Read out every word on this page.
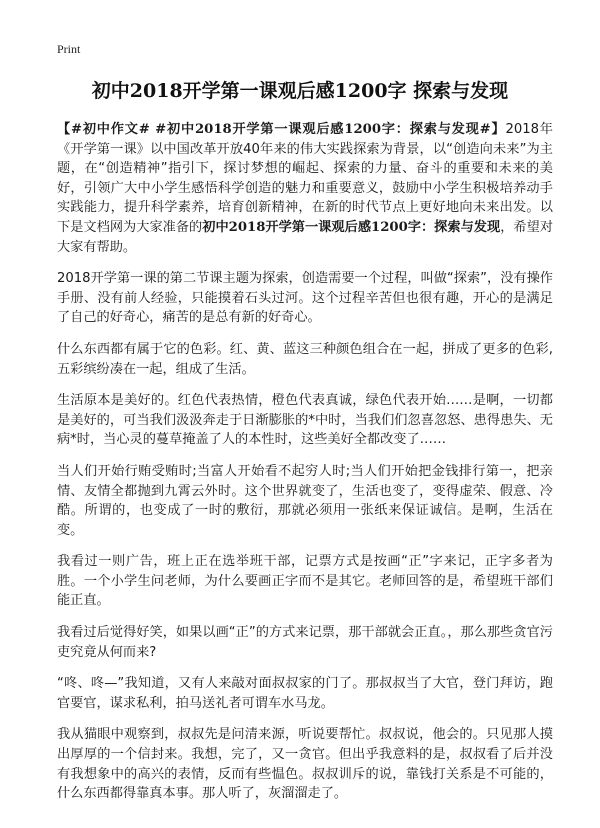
Print
初中2018开学第一课观后感1200字 探索与发现

【#初中作文# #初中2018开学第一课观后感1200字：探索与发现#】2018年《开学第一课》以中国改革开放40年来的伟大实践探索为背景，以“创造向未来”为主题，在“创造精神”指引下，探讨梦想的崛起、探索的力量、奋斗的重要和未来的美好，引领广大中小学生感悟科学创造的魅力和重要意义，鼓励中小学生积极培养动手实践能力，提升科学素养，培育创新精神，在新的时代节点上更好地向未来出发。以下是文档网为大家准备的初中2018开学第一课观后感1200字：探索与发现，希望对大家有帮助。

2018开学第一课的第二节课主题为探索，创造需要一个过程，叫做“探索”，没有操作手册、没有前人经验，只能摸着石头过河。这个过程辛苦但也很有趣，开心的是满足了自己的好奇心，痛苦的是总有新的好奇心。

什么东西都有属于它的色彩。红、黄、蓝这三种颜色组合在一起，拼成了更多的色彩,五彩缤纷凑在一起，组成了生活。

生活原本是美好的。红色代表热情，橙色代表真诚，绿色代表开始……是啊，一切都是美好的，可当我们汲汲奔走于日渐膨胀的*中时，当我们们忽喜忽怒、患得患失、无病*时，当心灵的蔓草掩盖了人的本性时，这些美好全都改变了……

当人们开始行贿受贿时;当富人开始看不起穷人时;当人们开始把金钱排行第一，把亲情、友情全都抛到九霄云外时。这个世界就变了，生活也变了，变得虚荣、假意、冷酷。所谓的，也变成了一时的敷衍，那就必须用一张纸来保证诚信。是啊，生活在变。

我看过一则广告，班上正在选举班干部，记票方式是按画“正”字来记，正字多者为胜。一个小学生问老师，为什么要画正字而不是其它。老师回答的是，希望班干部们能正直。

我看过后觉得好笑，如果以画“正”的方式来记票，那干部就会正直。，那么那些贪官污吏究竟从何而来?

“咚、咚—”我知道，又有人来敲对面叔叔家的门了。那叔叔当了大官，登门拜访，跑官要官，谋求私利，拍马送礼者可谓车水马龙。

我从猫眼中观察到，叔叔先是问清来源，听说要帮忙。叔叔说，他会的。只见那人摸出厚厚的一个信封来。我想，完了，又一贪官。但出乎我意料的是，叔叔看了后并没有我想象中的高兴的表情，反而有些愠色。叔叔训斥的说，靠钱打关系是不可能的，什么东西都得靠真本事。那人听了，灰溜溜走了。
